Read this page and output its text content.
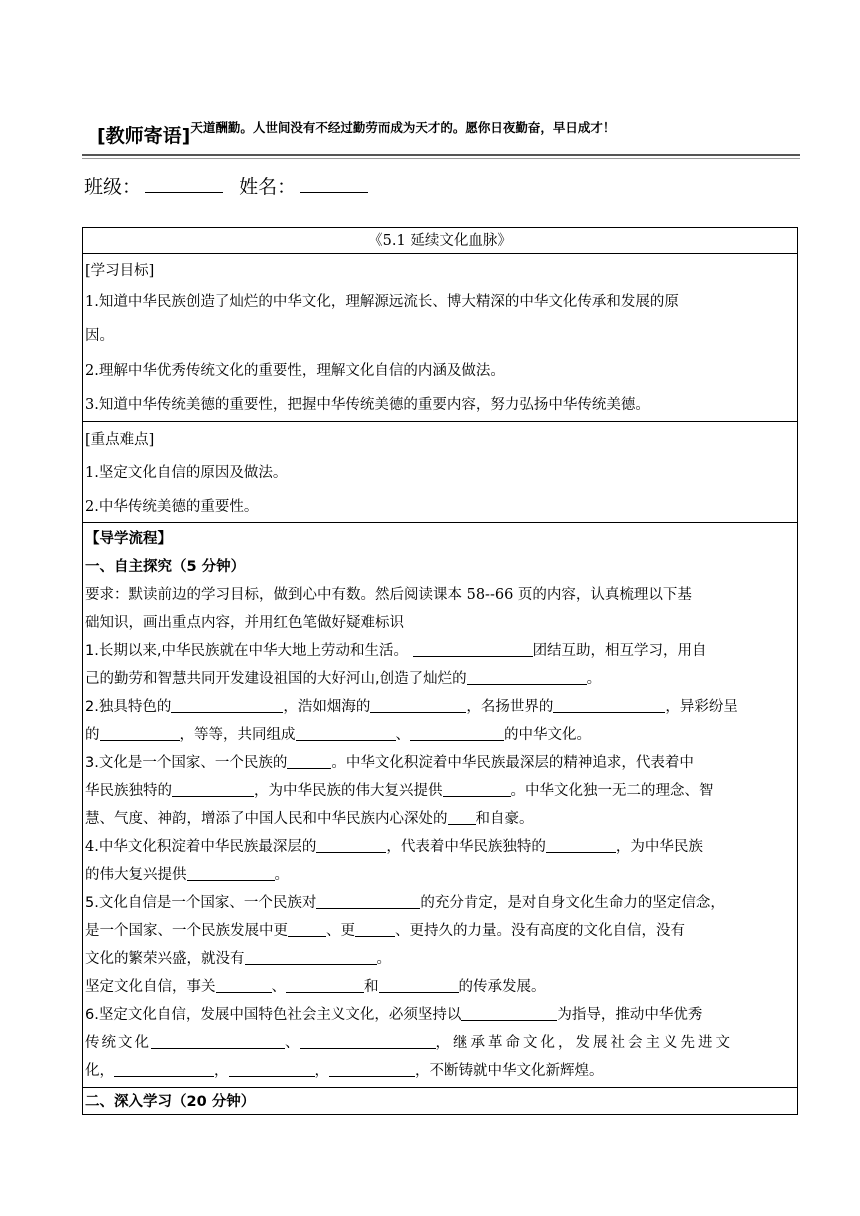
[教师寄语]$^{天道酬勤。人世间没有不经过勤劳而成为天才的。愿你日夜勤奋,早日成才!}$
班级：	姓名：
《5.1 延续文化血脉》
[学习目标]
1.知道中华民族创造了灿烂的中华文化，理解源远流长、博大精深的中华文化传承和发展的原
因。
2.理解中华优秀传统文化的重要性，理解文化自信的内涵及做法。
3.知道中华传统美德的重要性，把握中华传统美德的重要内容，努力弘扬中华传统美德。
[重点难点]
1.坚定文化自信的原因及做法。
2.中华传统美德的重要性。
【导学流程】
一、自主探究（5 分钟）
要求：默读前边的学习目标，做到心中有数。然后阅读课本 58--66 页的内容，认真梳理以下基
础知识，画出重点内容，并用红色笔做好疑难标识
1.长期以来,中华民族就在中华大地上劳动和生活。	团结互助，相互学习，用自
己的勤劳和智慧共同开发建设祖国的大好河山,创造了灿烂的	。
2.独具特色的	，浩如烟海的	，名扬世界的	，异彩纷呈
的	，等等，共同组成	、	的中华文化。
3.文化是一个国家、一个民族的	。中华文化积淀着中华民族最深层的精神追求，代表着中
华民族独特的	，为中华民族的伟大复兴提供	。中华文化独一无二的理念、智
慧、气度、神韵，增添了中国人民和中华民族内心深处的 和自豪。
4.中华文化积淀着中华民族最深层的	，代表着中华民族独特的	，为中华民族
的伟大复兴提供	。
5.文化自信是一个国家、一个民族对	的充分肯定，是对自身文化生命力的坚定信念，
是一个国家、一个民族发展中更	、更	、更持久的力量。没有高度的文化自信，没有
文化的繁荣兴盛，就没有	。
坚定文化自信，事关	、	和	的传承发展。
6.坚定文化自信，发展中国特色社会主义文化，必须坚持以	为指导，推动中华优秀
传统文化	、	，继承革命文化，发展社会主义先进文
化，	，	，	，不断铸就中华文化新辉煌。
二、深入学习（20 分钟）
